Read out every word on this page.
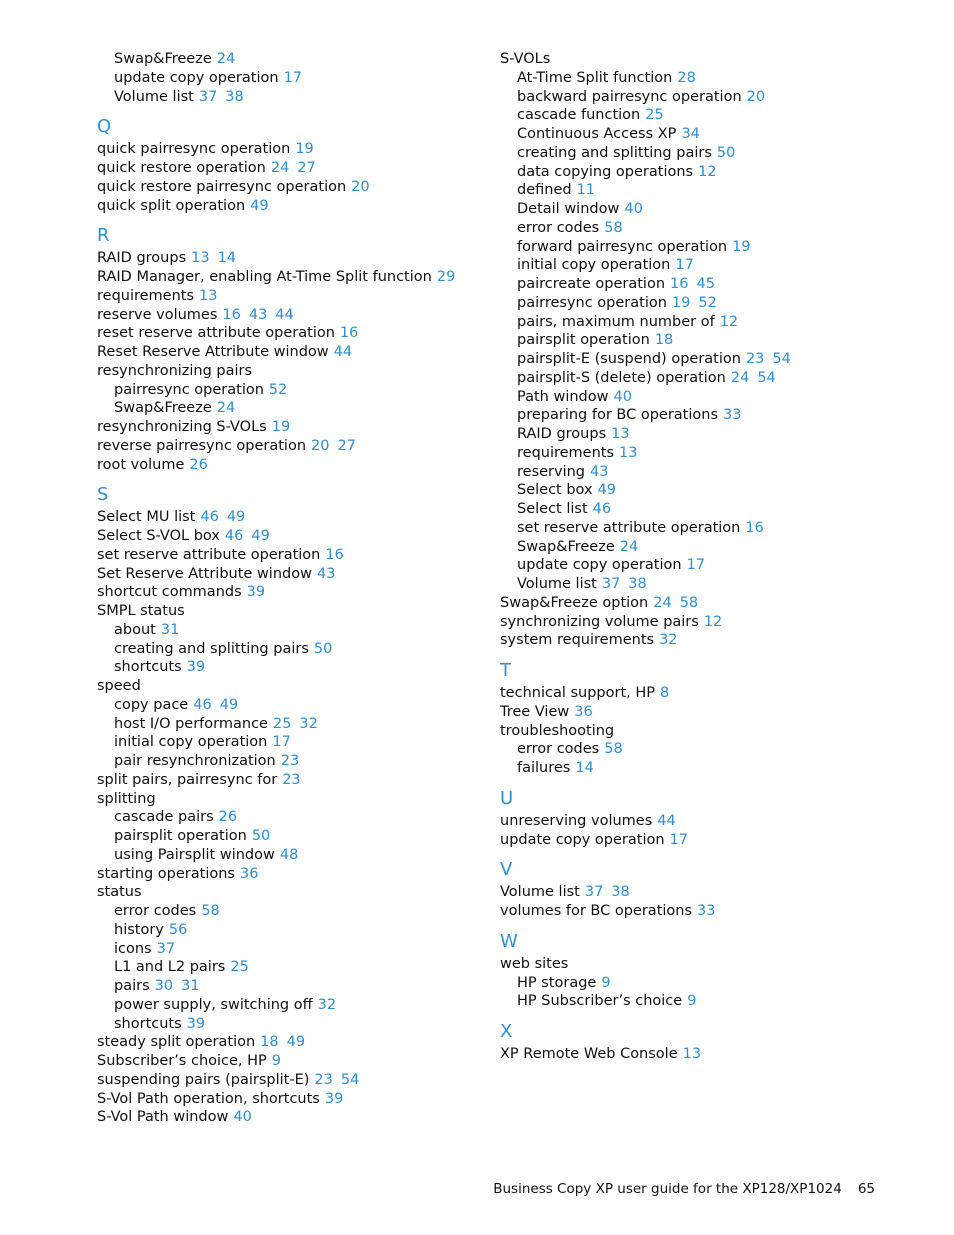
Swap&Freeze 24
update copy operation 17
Volume list 37 38
Q
quick pairresync operation 19
quick restore operation 24 27
quick restore pairresync operation 20
quick split operation 49
R
RAID groups 13 14
RAID Manager, enabling At-Time Split function 29
requirements 13
reserve volumes 16 43 44
reset reserve attribute operation 16
Reset Reserve Attribute window 44
resynchronizing pairs
pairresync operation 52
Swap&Freeze 24
resynchronizing S-VOLs 19
reverse pairresync operation 20 27
root volume 26
S
Select MU list 46 49
Select S-VOL box 46 49
set reserve attribute operation 16
Set Reserve Attribute window 43
shortcut commands 39
SMPL status
about 31
creating and splitting pairs 50
shortcuts 39
speed
copy pace 46 49
host I/O performance 25 32
initial copy operation 17
pair resynchronization 23
split pairs, pairresync for 23
splitting
cascade pairs 26
pairsplit operation 50
using Pairsplit window 48
starting operations 36
status
error codes 58
history 56
icons 37
L1 and L2 pairs 25
pairs 30 31
power supply, switching off 32
shortcuts 39
steady split operation 18 49
Subscriber’s choice, HP 9
suspending pairs (pairsplit-E) 23 54
S-Vol Path operation, shortcuts 39
S-Vol Path window 40
S-VOLs
At-Time Split function 28
backward pairresync operation 20
cascade function 25
Continuous Access XP 34
creating and splitting pairs 50
data copying operations 12
defined 11
Detail window 40
error codes 58
forward pairresync operation 19
initial copy operation 17
paircreate operation 16 45
pairresync operation 19 52
pairs, maximum number of 12
pairsplit operation 18
pairsplit-E (suspend) operation 23 54
pairsplit-S (delete) operation 24 54
Path window 40
preparing for BC operations 33
RAID groups 13
requirements 13
reserving 43
Select box 49
Select list 46
set reserve attribute operation 16
Swap&Freeze 24
update copy operation 17
Volume list 37 38
Swap&Freeze option 24 58
synchronizing volume pairs 12
system requirements 32
T
technical support, HP 8
Tree View 36
troubleshooting
error codes 58
failures 14
U
unreserving volumes 44
update copy operation 17
V
Volume list 37 38
volumes for BC operations 33
W
web sites
HP storage 9
HP Subscriber’s choice 9
X
XP Remote Web Console 13
Business Copy XP user guide for the XP128/XP1024 65
